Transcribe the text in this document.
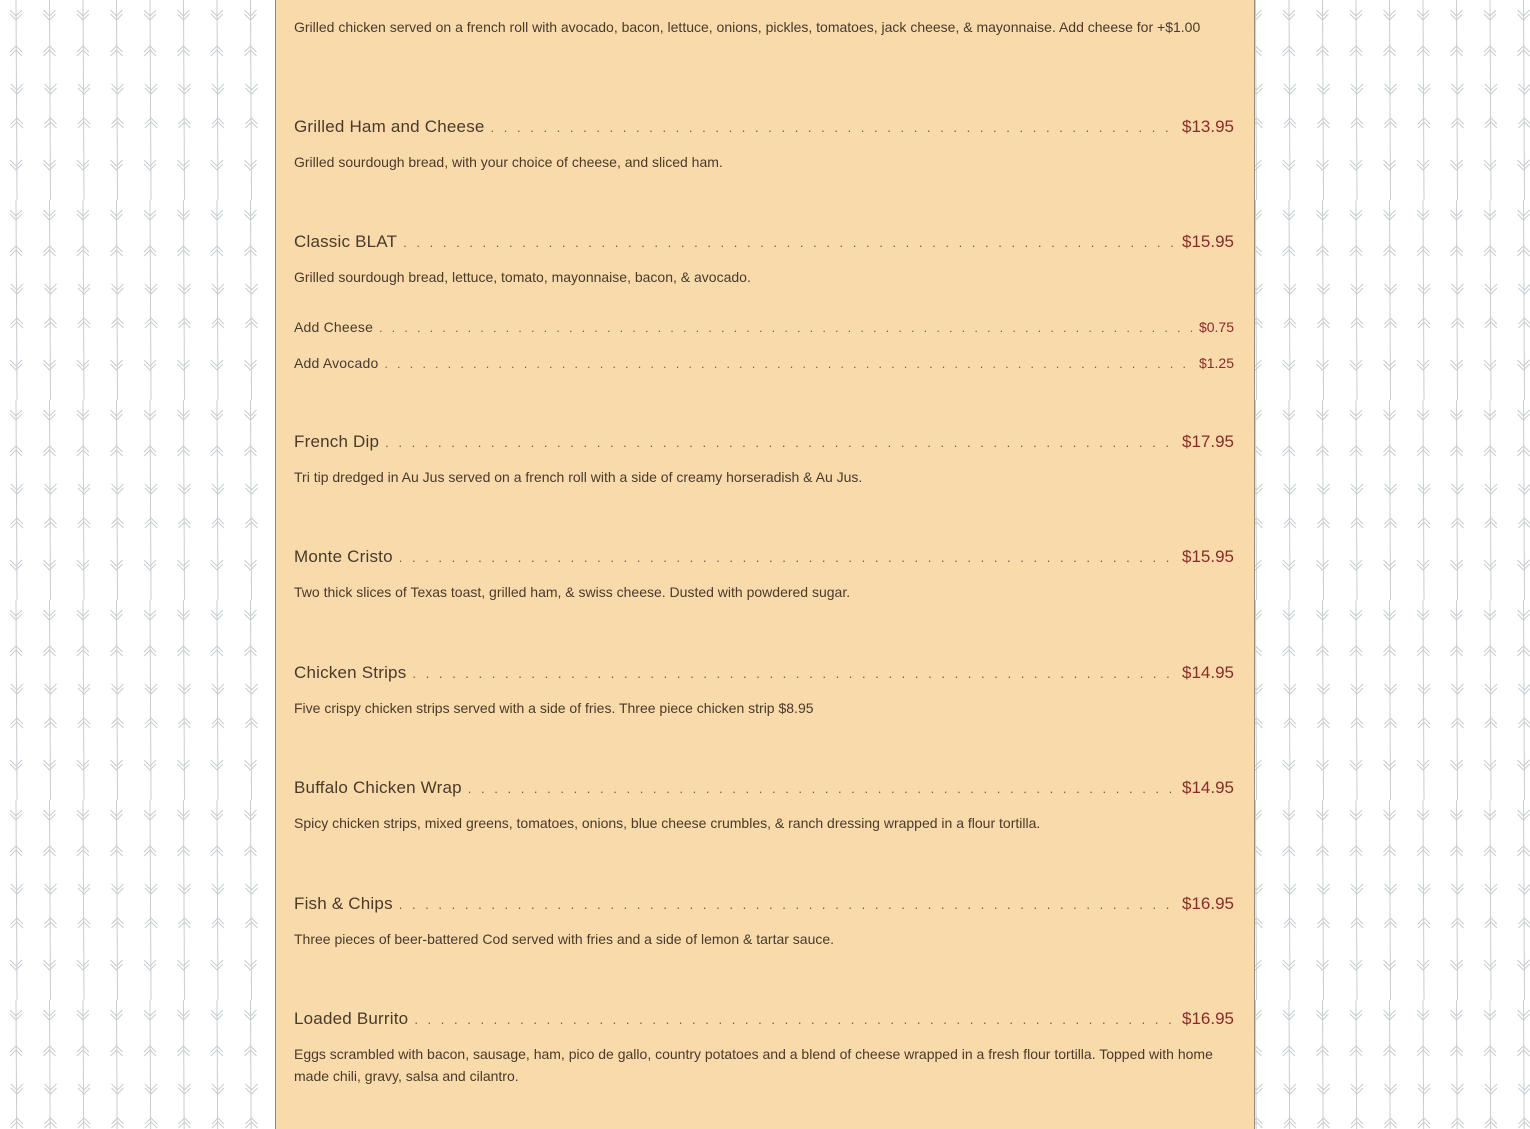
Grilled chicken served on a french roll with avocado, bacon, lettuce, onions, pickles, tomatoes, jack cheese, & mayonnaise. Add cheese for +$1.00
Grilled Ham and Cheese . . .	$13.95
Grilled sourdough bread, with your choice of cheese, and sliced ham.
Classic BLAT . . .	$15.95
Grilled sourdough bread, lettuce, tomato, mayonnaise, bacon, & avocado.
Add Cheese . . .	$0.75
Add Avocado . . .	$1.25
French Dip . . .	$17.95
Tri tip dredged in Au Jus served on a french roll with a side of creamy horseradish & Au Jus.
Monte Cristo . . .	$15.95
Two thick slices of Texas toast, grilled ham, & swiss cheese. Dusted with powdered sugar.
Chicken Strips . . .	$14.95
Five crispy chicken strips served with a side of fries. Three piece chicken strip $8.95
Buffalo Chicken Wrap . . .	$14.95
Spicy chicken strips, mixed greens, tomatoes, onions, blue cheese crumbles, & ranch dressing wrapped in a flour tortilla.
Fish & Chips . . .	$16.95
Three pieces of beer-battered Cod served with fries and a side of lemon & tartar sauce.
Loaded Burrito . . .	$16.95
Eggs scrambled with bacon, sausage, ham, pico de gallo, country potatoes and a blend of cheese wrapped in a fresh flour tortilla. Topped with home made chili, gravy, salsa and cilantro.
